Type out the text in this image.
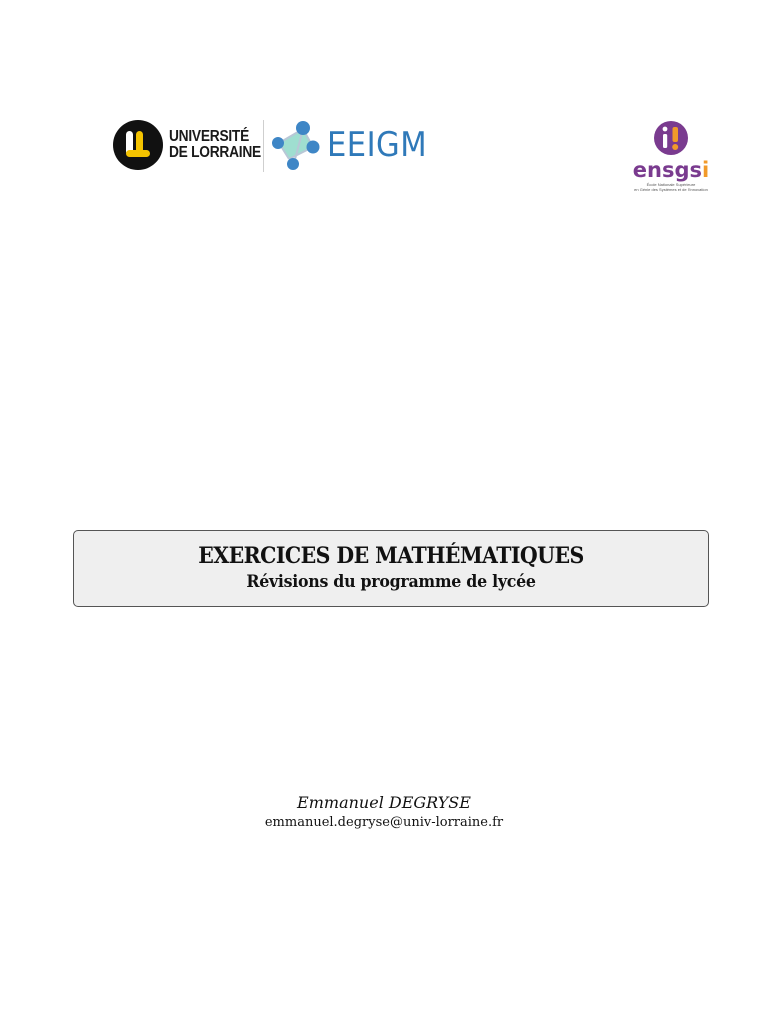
UNIVERSITÉ
DE LORRAINE EEIGM
ensgsi
École Nationale Supérieure
en Génie des Systèmes et de l'Innovation
EXERCICES DE MATHÉMATIQUES
Révisions du programme de lycée
Emmanuel DEGRYSE
emmanuel.degryse@univ-lorraine.fr
